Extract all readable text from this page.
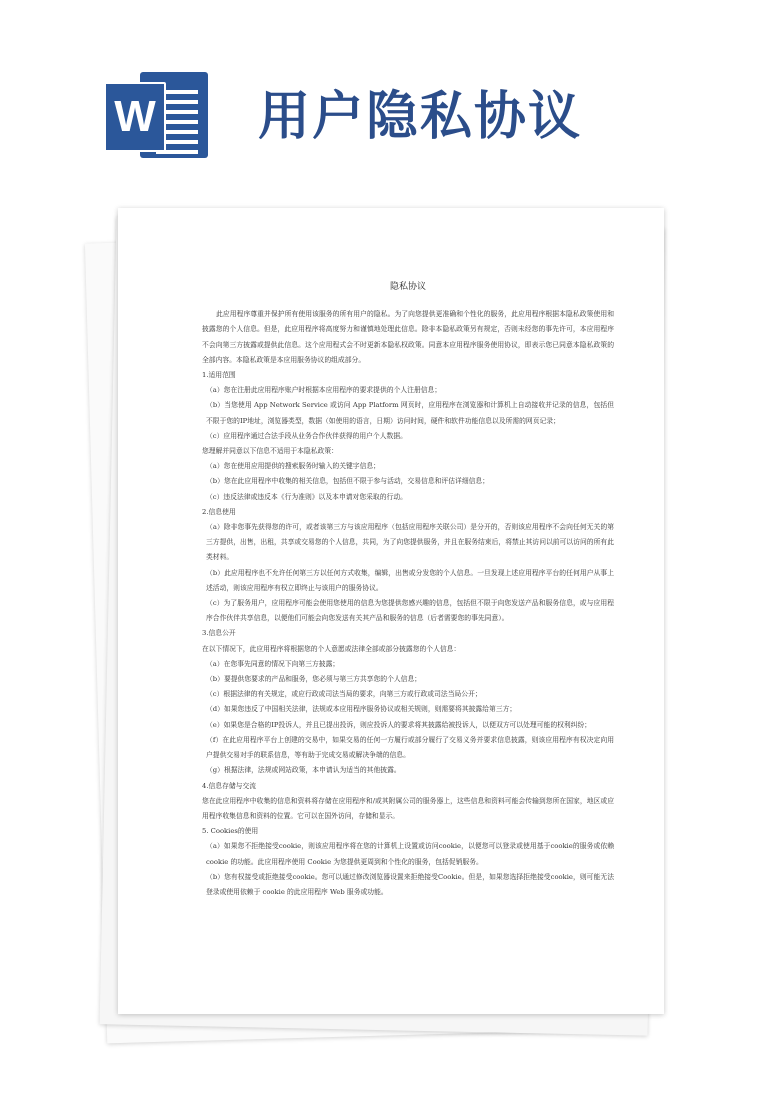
W 用户隐私协议
隐私协议

此应用程序尊重并保护所有使用该服务的所有用户的隐私。为了向您提供更准确和个性化的服务，此应用程序根据本隐私政策使用和披露您的个人信息。但是，此应用程序将高度努力和谨慎地处理此信息。除非本隐私政策另有规定，否则未经您的事先许可，本应用程序不会向第三方披露或提供此信息。这个应用程式会不时更新本隐私权政策。同意本应用程序服务使用协议，即表示您已同意本隐私政策的全部内容。本隐私政策是本应用服务协议的组成部分。

1.适用范围

（a）您在注册此应用程序账户时根据本应用程序的要求提供的个人注册信息；

（b）当您使用 App Network Service 或访问 App Platform 网页时，应用程序在浏览器和计算机上自动接收并记录的信息，包括但不限于您的IP地址，浏览器类型，数据（如使用的语言，日期）访问时间，硬件和软件功能信息以及所需的网页记录；

（c）应用程序通过合法手段从业务合作伙伴获得的用户个人数据。

您理解并同意以下信息不适用于本隐私政策：

（a）您在使用应用提供的搜索服务时输入的关键字信息；

（b）您在此应用程序中收集的相关信息，包括但不限于参与活动，交易信息和评估详细信息；

（c）违反法律或违反本《行为准则》以及本申请对您采取的行动。

2.信息使用

（a）除非您事先获得您的许可，或者该第三方与该应用程序（包括应用程序关联公司）是分开的，否则该应用程序不会向任何无关的第三方提供，出售，出租，共享或交易您的个人信息，共同，为了向您提供服务，并且在服务结束后，将禁止其访问以前可以访问的所有此类材料。

（b）此应用程序也不允许任何第三方以任何方式收集，编辑，出售或分发您的个人信息。一旦发现上述应用程序平台的任何用户从事上述活动，则该应用程序有权立即终止与该用户的服务协议。

（c）为了服务用户，应用程序可能会使用您使用的信息为您提供您感兴趣的信息，包括但不限于向您发送产品和服务信息，或与应用程序合作伙伴共享信息，以便他们可能会向您发送有关其产品和服务的信息（后者需要您的事先同意）。

3.信息公开

在以下情况下，此应用程序将根据您的个人意愿或法律全部或部分披露您的个人信息：

（a）在您事先同意的情况下向第三方披露；

（b）要提供您要求的产品和服务，您必须与第三方共享您的个人信息；

（c）根据法律的有关规定，或应行政或司法当局的要求，向第三方或行政或司法当局公开；

（d）如果您违反了中国相关法律，法规或本应用程序服务协议或相关规则，则需要将其披露给第三方；

（e）如果您是合格的IP投诉人，并且已提出投诉，则应投诉人的要求将其披露给被投诉人，以便双方可以处理可能的权利纠纷；

（f）在此应用程序平台上创建的交易中，如果交易的任何一方履行或部分履行了交易义务并要求信息披露，则该应用程序有权决定向用户提供交易对手的联系信息，等有助于完成交易或解决争端的信息。

（g）根据法律，法规或网站政策，本申请认为适当的其他披露。

4.信息存储与交流

您在此应用程序中收集的信息和资料将存储在应用程序和/或其附属公司的服务器上，这些信息和资料可能会传输到您所在国家，地区或应用程序收集信息和资料的位置。它可以在国外访问，存储和显示。

5. Cookies的使用

（a）如果您不拒绝接受cookie，则该应用程序将在您的计算机上设置或访问cookie，以便您可以登录或使用基于cookie的服务或依赖 cookie 的功能。此应用程序使用 Cookie 为您提供更周到和个性化的服务，包括促销服务。

（b）您有权接受或拒绝接受cookie。您可以通过修改浏览器设置来拒绝接受Cookie。但是，如果您选择拒绝接受cookie，则可能无法登录或使用依赖于 cookie 的此应用程序 Web 服务或功能。
